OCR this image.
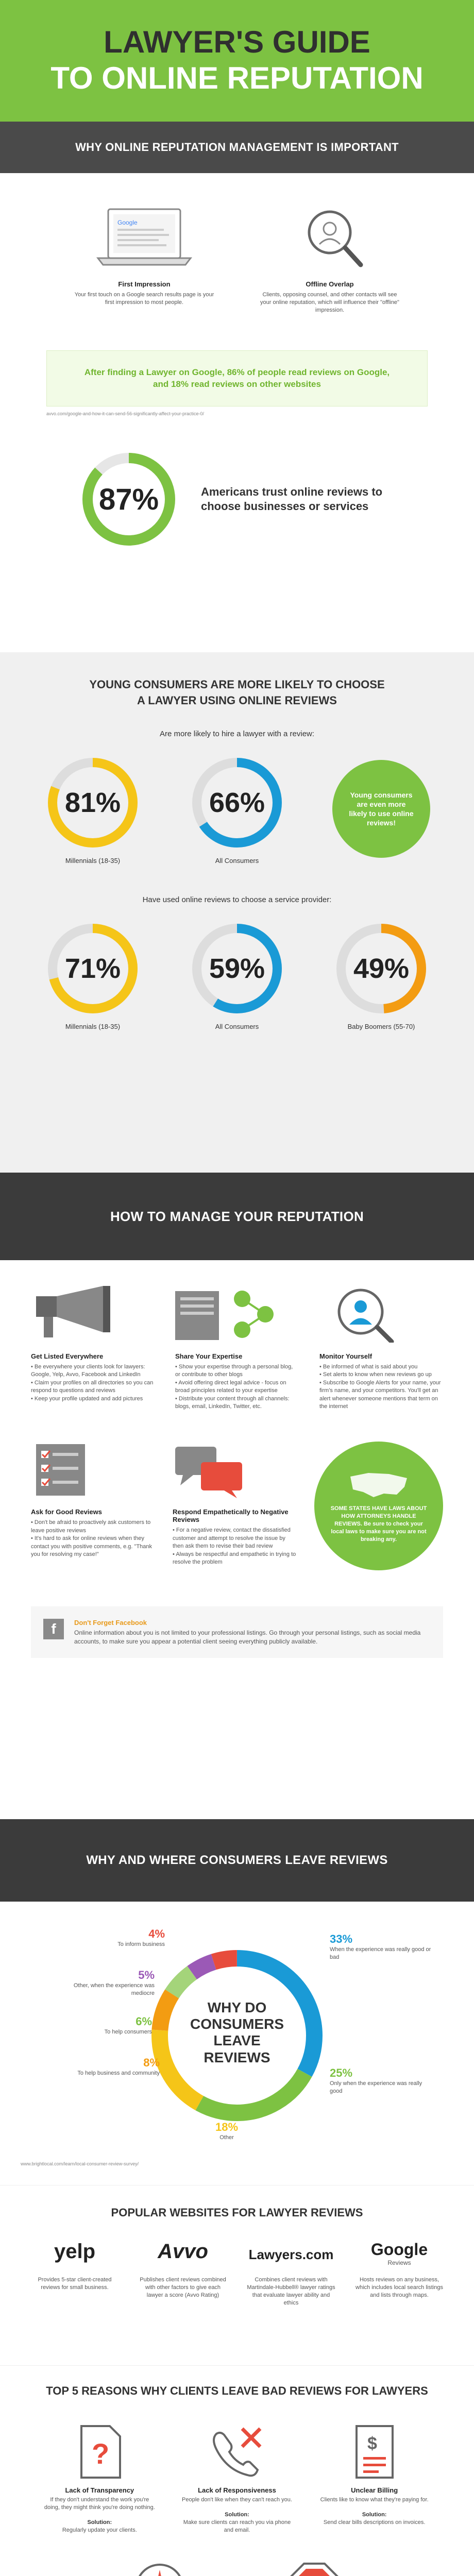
LAWYER'S GUIDE
TO ONLINE REPUTATION
WHY ONLINE REPUTATION MANAGEMENT IS IMPORTANT
Google
First Impression
Your first touch on a Google search results page is your first impression to most people.
Offline Overlap
Clients, opposing counsel, and other contacts will see your online reputation, which will influence their "offline" impression.
After finding a Lawyer on Google, 86% of people read reviews on Google, and 18% read reviews on other websites
avvo.com/google-and-how-it-can-send-56-significantly-affect-your-practice-0/
87%	Americans trust online reviews to choose businesses or services
YOUNG CONSUMERS ARE MORE LIKELY TO CHOOSE A LAWYER USING ONLINE REVIEWS
Are more likely to hire a lawyer with a review:
81%
Millennials (18-35)
66%
All Consumers
Young consumers are even more likely to use online reviews!
Have used online reviews to choose a service provider:
71%
Millennials (18-35)
59%
All Consumers
49%
Baby Boomers (55-70)
HOW TO MANAGE YOUR REPUTATION
Get Listed Everywhere
• Be everywhere your clients look for lawyers: Google, Yelp, Avvo, Facebook and LinkedIn
• Claim your profiles on all directories so you can respond to questions and reviews
• Keep your profile updated and add pictures
Share Your Expertise
• Show your expertise through a personal blog, or contribute to other blogs
• Avoid offering direct legal advice - focus on broad principles related to your expertise
• Distribute your content through all channels: blogs, email, LinkedIn, Twitter, etc.
Monitor Yourself
• Be informed of what is said about you
• Set alerts to know when new reviews go up
• Subscribe to Google Alerts for your name, your firm's name, and your competitors. You'll get an alert whenever someone mentions that term on the internet
Ask for Good Reviews
• Don't be afraid to proactively ask customers to leave positive reviews
• It's hard to ask for online reviews when they contact you with positive comments, e.g. "Thank you for resolving my case!"
Respond Empathetically to Negative Reviews
• For a negative review, contact the dissatisfied customer and attempt to resolve the issue by then ask them to revise their bad review
• Always be respectful and empathetic in trying to resolve the problem
SOME STATES HAVE LAWS ABOUT HOW ATTORNEYS HANDLE REVIEWS. Be sure to check your local laws to make sure you are not breaking any.
f	Don't Forget Facebook
Online information about you is not limited to your professional listings. Go through your personal listings, such as social media accounts, to make sure you appear a potential client seeing everything publicly available.
WHY AND WHERE CONSUMERS LEAVE REVIEWS
WHY DO CONSUMERS LEAVE REVIEWS
4%
To inform business
5%
Other, when the experience was mediocre
6%
To help consumers
8%
To help business and community
18%
Other
25%
Only when the experience was really good
33%
When the experience was really good or bad
www.brightlocal.com/learn/local-consumer-review-survey/
POPULAR WEBSITES FOR LAWYER REVIEWS
yelp
Provides 5-star client-created reviews for small business.
Avvo
Publishes client reviews combined with other factors to give each lawyer a score (Avvo Rating)
Lawyers.com
Combines client reviews with Martindale-Hubbell® lawyer ratings that evaluate lawyer ability and ethics
Google
Reviews
Hosts reviews on any business, which includes local search listings and lists through maps.
TOP 5 REASONS WHY CLIENTS LEAVE BAD REVIEWS FOR LAWYERS
?
Lack of Transparency
If they don't understand the work you're doing, they might think you're doing nothing.
Solution:
Regularly update your clients.
Lack of Responsiveness
People don't like when they can't reach you.
Solution:
Make sure clients can reach you via phone and email.
$
Unclear Billing
Clients like to know what they're paying for.
Solution:
Send clear bills descriptions on invoices.
